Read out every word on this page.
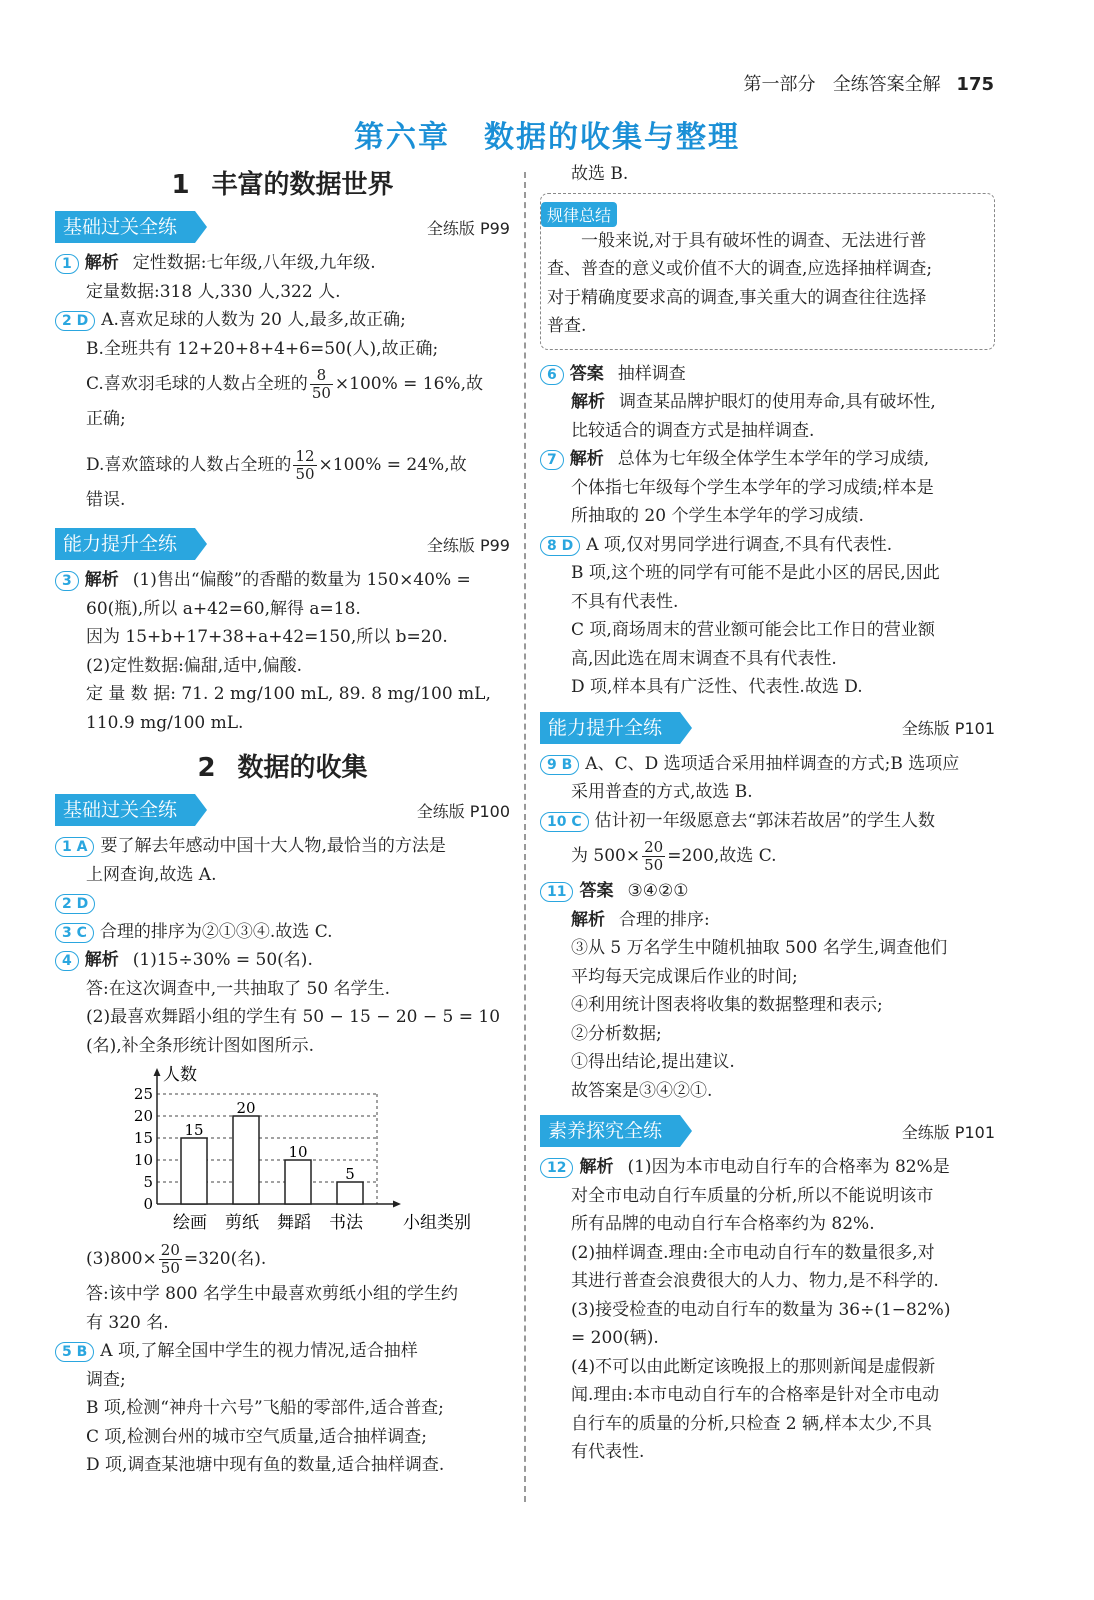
第一部分 全练答案全解 175
第六章 数据的收集与整理
1 丰富的数据世界
基础过关全练	全练版 P99

1 解析 定性数据:七年级,八年级,九年级.

定量数据:318 人,330 人,322 人.

2 D A.喜欢足球的人数为 20 人,最多,故正确;

B.全班共有 12+20+8+4+6=50(人),故正确;

C.喜欢羽毛球的人数占全班的 $\frac{8}{50} \times 100\% = 16\%$,故

正确;

D.喜欢篮球的人数占全班的 $\frac{12}{50} \times 100\% = 24\%$,故

错误.

能力提升全练	全练版 P99

3 解析 (1)售出“偏酸”的香醋的数量为 150×40% =

60(瓶),所以 a+42=60,解得 a=18.

因为 15+b+17+38+a+42=150,所以 b=20.

(2)定性数据:偏甜,适中,偏酸.

定 量 数 据: 71. 2 mg/100 mL, 89. 8 mg/100 mL,

110.9 mg/100 mL.

2 数据的收集
基础过关全练	全练版 P100

1 A 要了解去年感动中国十大人物,最恰当的方法是

上网查询,故选 A.

2 D

3 C 合理的排序为②①③④.故选 C.

4 解析 (1)15÷30% = 50(名).

答:在这次调查中,一共抽取了 50 名学生.

(2)最喜欢舞蹈小组的学生有 50 − 15 − 20 − 5 = 10

(名),补全条形统计图如图所示.

人数
0
5
10
15
20
25
15
绘画
20
剪纸
10
舞蹈
5
书法 小组类别

$(3)800\times \frac{20}{50} =320$(名).

答:该中学 800 名学生中最喜欢剪纸小组的学生约

有 320 名.

5 B A 项,了解全国中学生的视力情况,适合抽样

调查;

B 项,检测“神舟十六号”飞船的零部件,适合普查;

C 项,检测台州的城市空气质量,适合抽样调查;

D 项,调查某池塘中现有鱼的数量,适合抽样调查.

故选 B.

规律总结

一般来说,对于具有破坏性的调查、无法进行普

查、普查的意义或价值不大的调查,应选择抽样调查;

对于精确度要求高的调查,事关重大的调查往往选择

普查.

6 答案 抽样调查

解析 调查某品牌护眼灯的使用寿命,具有破坏性,

比较适合的调查方式是抽样调查.

7 解析 总体为七年级全体学生本学年的学习成绩,

个体指七年级每个学生本学年的学习成绩;样本是

所抽取的 20 个学生本学年的学习成绩.

8 D A 项,仅对男同学进行调查,不具有代表性.

B 项,这个班的同学有可能不是此小区的居民,因此

不具有代表性.

C 项,商场周末的营业额可能会比工作日的营业额

高,因此选在周末调查不具有代表性.

D 项,样本具有广泛性、代表性.故选 D.

能力提升全练	全练版 P101

9 B A、C、D 选项适合采用抽样调查的方式;B 选项应

采用普查的方式,故选 B.

10 C 估计初一年级愿意去“郭沫若故居”的学生人数

为 $500\times \frac{20}{50} =200$,故选 C.

11 答案 ③④②①

解析 合理的排序:

③从 5 万名学生中随机抽取 500 名学生,调查他们

平均每天完成课后作业的时间;

④利用统计图表将收集的数据整理和表示;

②分析数据;

①得出结论,提出建议.

故答案是③④②①.

素养探究全练	全练版 P101

12 解析 (1)因为本市电动自行车的合格率为 82%是

对全市电动自行车质量的分析,所以不能说明该市

所有品牌的电动自行车合格率约为 82%.

(2)抽样调查.理由:全市电动自行车的数量很多,对

其进行普查会浪费很大的人力、物力,是不科学的.

(3)接受检查的电动自行车的数量为 36÷(1−82%)

= 200(辆).

(4)不可以由此断定该晚报上的那则新闻是虚假新

闻.理由:本市电动自行车的合格率是针对全市电动

自行车的质量的分析,只检查 2 辆,样本太少,不具

有代表性.
